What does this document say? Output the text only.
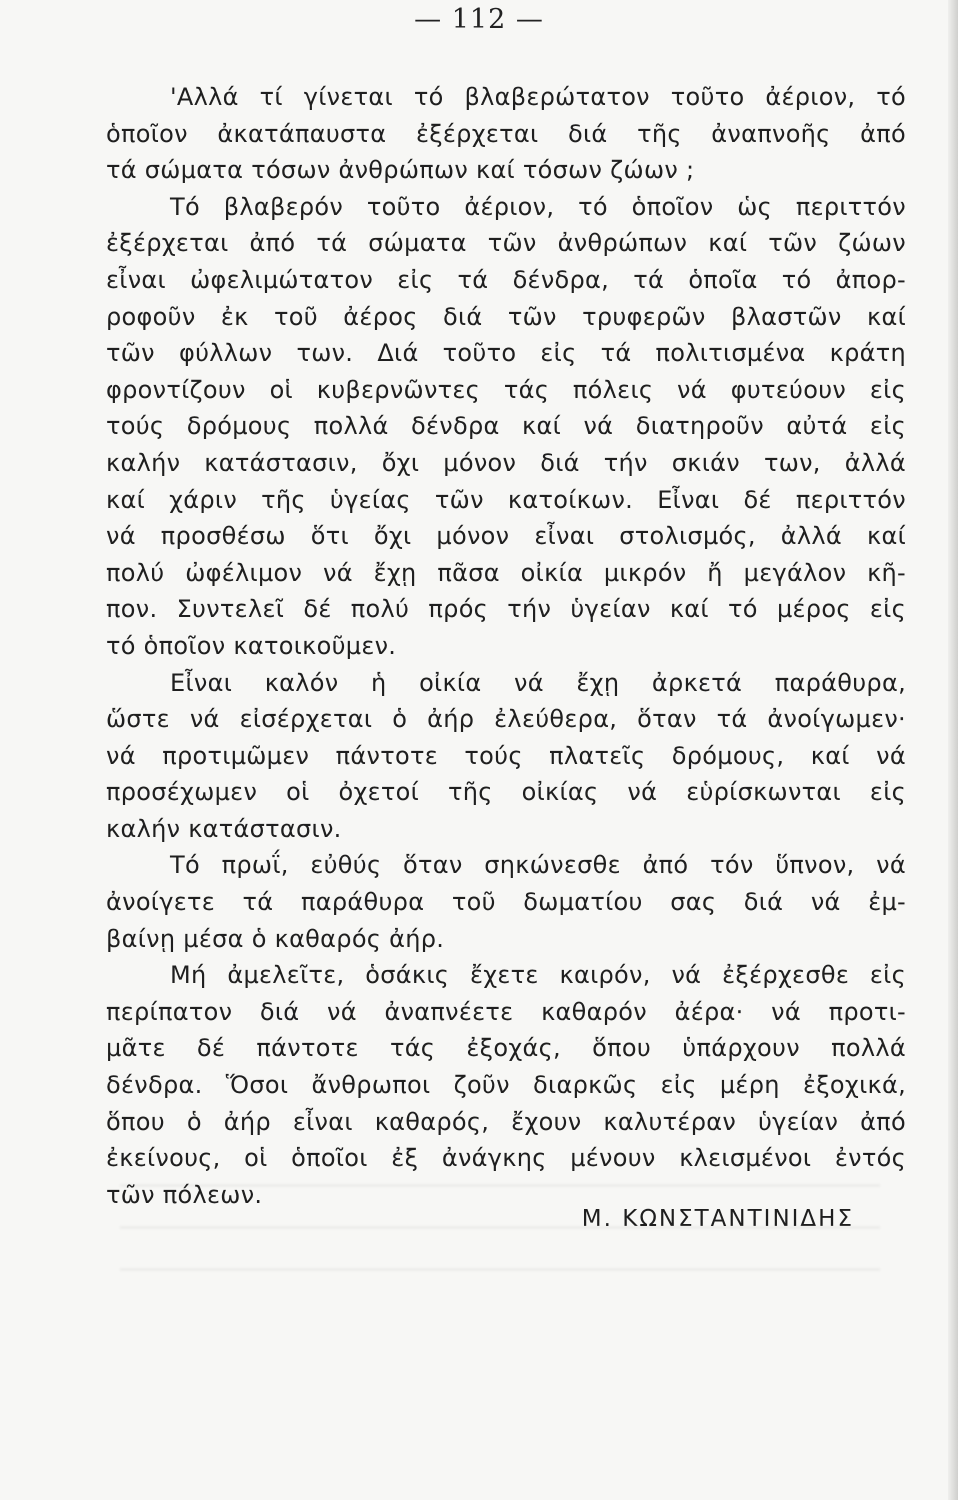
— 112 —
'Αλλά τί γίνεται τό βλαβερώτατον τοῦτο ἀέριον, τό
ὁποῖον ἀκατάπαυστα ἐξέρχεται διά τῆς ἀναπνοῆς ἀπό
τά σώματα τόσων ἀνθρώπων καί τόσων ζώων ;
Τό βλαβερόν τοῦτο ἀέριον, τό ὁποῖον ὡς περιττόν
ἐξέρχεται ἀπό τά σώματα τῶν ἀνθρώπων καί τῶν ζώων
εἶναι ὠφελιμώτατον εἰς τά δένδρα, τά ὁποῖα τό ἀπορ-
ροφοῦν ἐκ τοῦ ἀέρος διά τῶν τρυφερῶν βλαστῶν καί
τῶν φύλλων των. Διά τοῦτο εἰς τά πολιτισμένα κράτη
φροντίζουν οἱ κυβερνῶντες τάς πόλεις νά φυτεύουν εἰς
τούς δρόμους πολλά δένδρα καί νά διατηροῦν αὐτά εἰς
καλήν κατάστασιν, ὄχι μόνον διά τήν σκιάν των, ἀλλά
καί χάριν τῆς ὑγείας τῶν κατοίκων. Εἶναι δέ περιττόν
νά προσθέσω ὅτι ὄχι μόνον εἶναι στολισμός, ἀλλά καί
πολύ ὠφέλιμον νά ἔχῃ πᾶσα οἰκία μικρόν ἤ μεγάλον κῆ-
πον. Συντελεῖ δέ πολύ πρός τήν ὑγείαν καί τό μέρος εἰς
τό ὁποῖον κατοικοῦμεν.
Εἶναι καλόν ἡ οἰκία νά ἔχῃ ἀρκετά παράθυρα,
ὥστε νά εἰσέρχεται ὁ ἀήρ ἐλεύθερα, ὅταν τά ἀνοίγωμεν·
νά προτιμῶμεν πάντοτε τούς πλατεῖς δρόμους, καί νά
προσέχωμεν οἱ ὀχετοί τῆς οἰκίας νά εὑρίσκωνται εἰς
καλήν κατάστασιν.
Τό πρωΐ, εὐθύς ὅταν σηκώνεσθε ἀπό τόν ὕπνον, νά
ἀνοίγετε τά παράθυρα τοῦ δωματίου σας διά νά ἐμ-
βαίνῃ μέσα ὁ καθαρός ἀήρ.
Μή ἀμελεῖτε, ὁσάκις ἔχετε καιρόν, νά ἐξέρχεσθε εἰς
περίπατον διά νά ἀναπνέετε καθαρόν ἀέρα· νά προτι-
μᾶτε δέ πάντοτε τάς ἐξοχάς, ὅπου ὑπάρχουν πολλά
δένδρα. Ὅσοι ἄνθρωποι ζοῦν διαρκῶς εἰς μέρη ἐξοχικά,
ὅπου ὁ ἀήρ εἶναι καθαρός, ἔχουν καλυτέραν ὑγείαν ἀπό
ἐκείνους, οἱ ὁποῖοι ἐξ ἀνάγκης μένουν κλεισμένοι ἐντός
τῶν πόλεων.
Μ. ΚΩΝΣΤΑΝΤΙΝΙΔΗΣ
